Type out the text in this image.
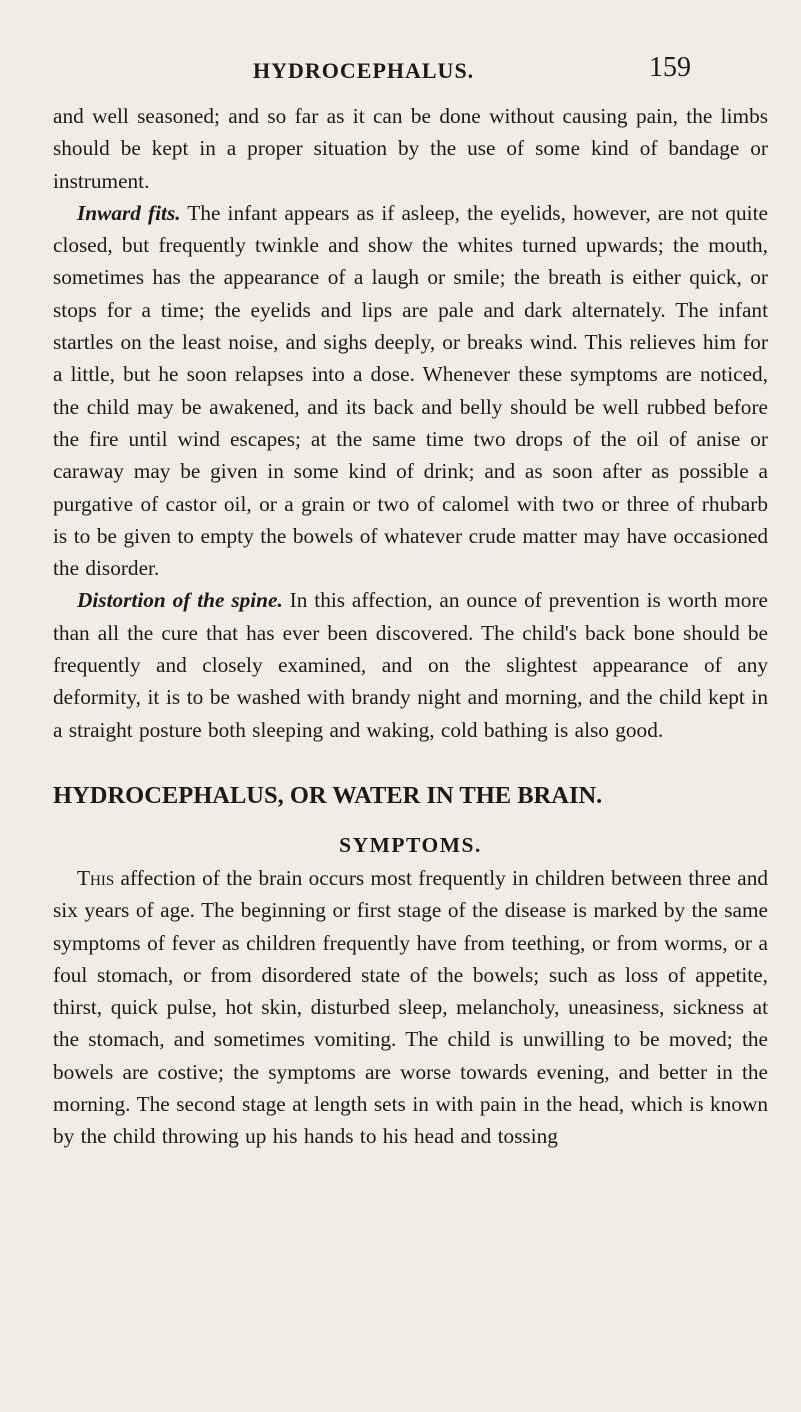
HYDROCEPHALUS.	159

and well seasoned; and so far as it can be done without causing pain, the limbs should be kept in a proper situation by the use of some kind of bandage or instrument.

Inward fits. The infant appears as if asleep, the eyelids, however, are not quite closed, but frequently twinkle and show the whites turned upwards; the mouth, sometimes has the appearance of a laugh or smile; the breath is either quick, or stops for a time; the eyelids and lips are pale and dark alternately. The infant startles on the least noise, and sighs deeply, or breaks wind. This relieves him for a little, but he soon relapses into a dose. Whenever these symptoms are noticed, the child may be awakened, and its back and belly should be well rubbed before the fire until wind escapes; at the same time two drops of the oil of anise or caraway may be given in some kind of drink; and as soon after as possible a purgative of castor oil, or a grain or two of calomel with two or three of rhubarb is to be given to empty the bowels of whatever crude matter may have occasioned the disorder.

Distortion of the spine. In this affection, an ounce of prevention is worth more than all the cure that has ever been discovered. The child's back bone should be frequently and closely examined, and on the slightest appearance of any deformity, it is to be washed with brandy night and morning, and the child kept in a straight posture both sleeping and waking, cold bathing is also good.

HYDROCEPHALUS, OR WATER IN THE BRAIN.
SYMPTOMS.

This affection of the brain occurs most frequently in children between three and six years of age. The beginning or first stage of the disease is marked by the same symptoms of fever as children frequently have from teething, or from worms, or a foul stomach, or from disordered state of the bowels; such as loss of appetite, thirst, quick pulse, hot skin, disturbed sleep, melancholy, uneasiness, sickness at the stomach, and sometimes vomiting. The child is unwilling to be moved; the bowels are costive; the symptoms are worse towards evening, and better in the morning. The second stage at length sets in with pain in the head, which is known by the child throwing up his hands to his head and tossing
